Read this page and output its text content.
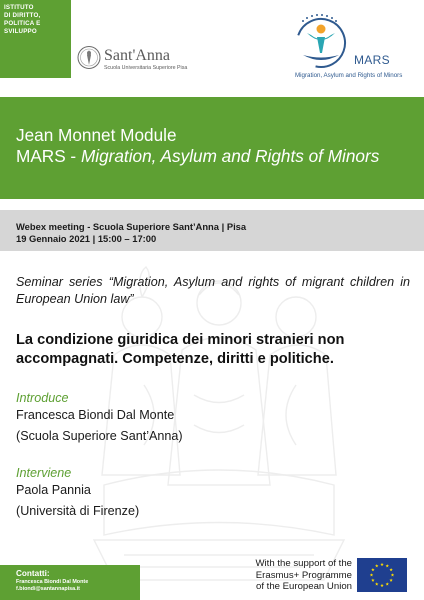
ISTITUTO
DI DIRITTO,
POLITICA E
SVILUPPO
Sant'Anna
Scuola Universitaria Superiore Pisa
MARS
Migration, Asylum and Rights of Minors
Jean Monnet Module
MARS - Migration, Asylum and Rights of Minors
Webex meeting - Scuola Superiore Sant’Anna | Pisa
19 Gennaio 2021 | 15:00 – 17:00
Seminar series “Migration, Asylum and rights of migrant children in European Union law”
La condizione giuridica dei minori stranieri non accompagnati. Competenze, diritti e politiche.
Introduce
Francesca Biondi Dal Monte
(Scuola Superiore Sant’Anna)
Interviene
Paola Pannia
(Università di Firenze)
Contatti:
Francesca Biondi Dal Monte
f.biondi@santannapisa.it
With the support of the
Erasmus+ Programme
of the European Union
